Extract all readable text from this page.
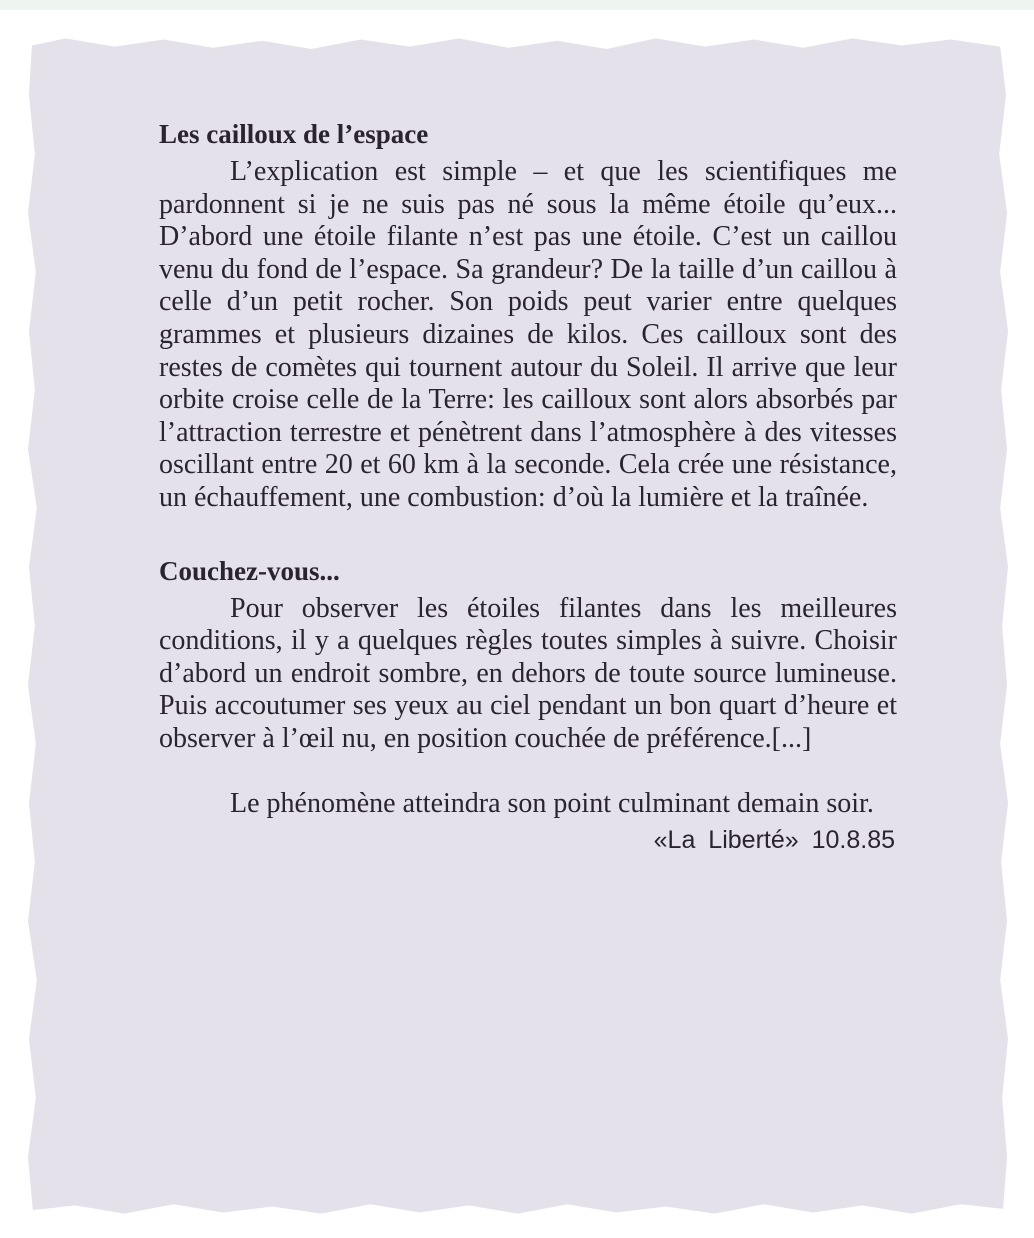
Les cailloux de l’espace

L’explication est simple – et que les scientifiques me pardonnent si je ne suis pas né sous la même étoile qu’eux... D’abord une étoile filante n’est pas une étoile. C’est un caillou venu du fond de l’espace. Sa grandeur? De la taille d’un caillou à celle d’un petit rocher. Son poids peut varier entre quelques grammes et plusieurs dizaines de kilos. Ces cailloux sont des restes de comètes qui tournent autour du Soleil. Il arrive que leur orbite croise celle de la Terre: les cailloux sont alors absorbés par l’attraction terrestre et pénètrent dans l’atmosphère à des vitesses oscillant entre 20 et 60 km à la seconde. Cela crée une résistance, un échauffement, une combustion: d’où la lumière et la traînée.

Couchez-vous...

Pour observer les étoiles filantes dans les meilleures conditions, il y a quelques règles toutes simples à suivre. Choisir d’abord un endroit sombre, en dehors de toute source lumineuse. Puis accoutumer ses yeux au ciel pendant un bon quart d’heure et observer à l’œil nu, en position couchée de préférence.[...]

Le phénomène atteindra son point culminant demain soir.

«La Liberté» 10.8.85
